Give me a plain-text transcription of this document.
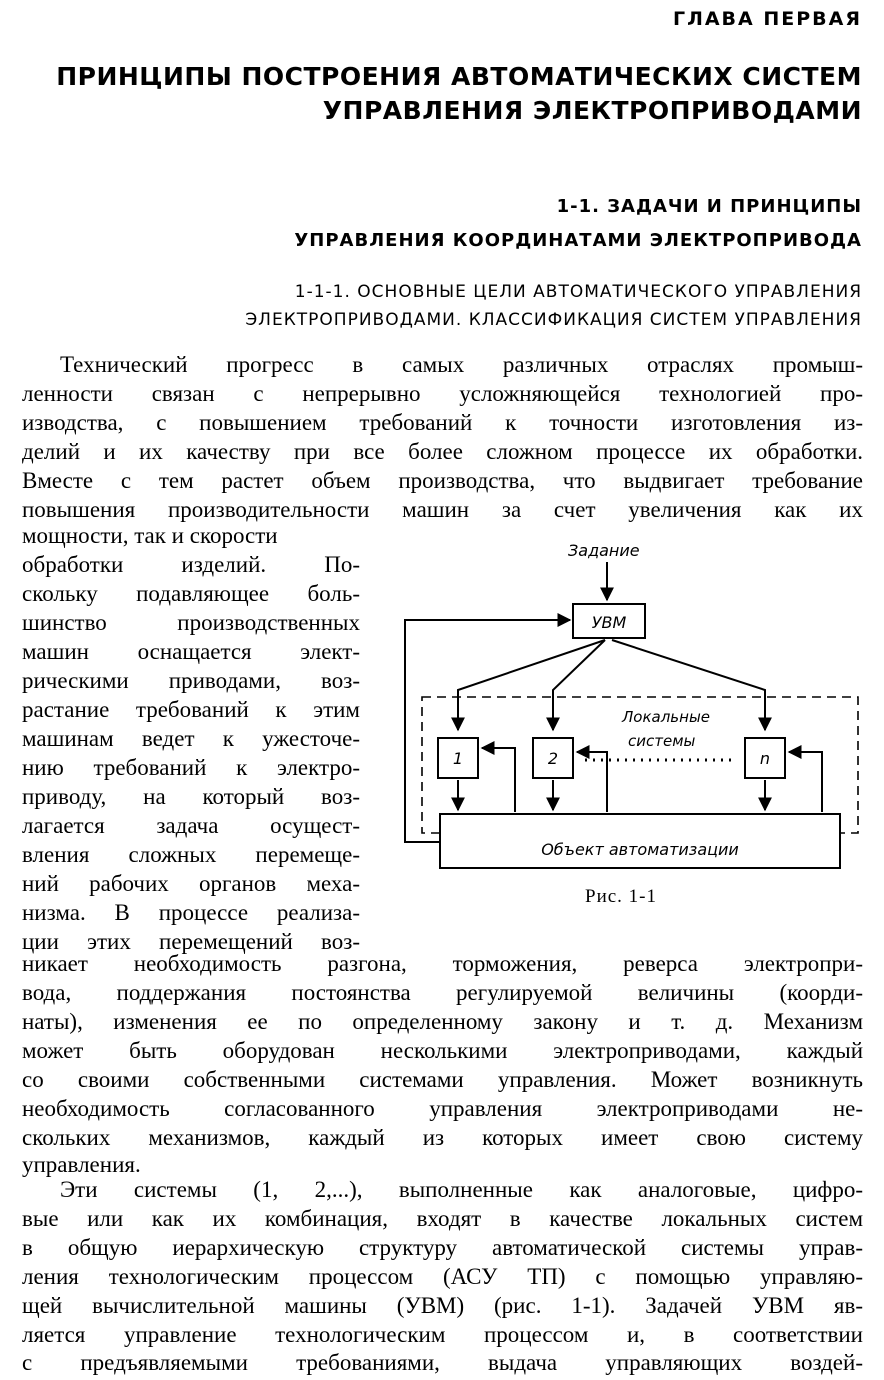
ГЛАВА ПЕРВАЯ
ПРИНЦИПЫ ПОСТРОЕНИЯ АВТОМАТИЧЕСКИХ СИСТЕМ
УПРАВЛЕНИЯ ЭЛЕКТРОПРИВОДАМИ
1-1. ЗАДАЧИ И ПРИНЦИПЫ
УПРАВЛЕНИЯ КООРДИНАТАМИ ЭЛЕКТРОПРИВОДА
1-1-1. ОСНОВНЫЕ ЦЕЛИ АВТОМАТИЧЕСКОГО УПРАВЛЕНИЯ
ЭЛЕКТРОПРИВОДАМИ. КЛАССИФИКАЦИЯ СИСТЕМ УПРАВЛЕНИЯ
Технический прогресс в самых различных отраслях промыш-
ленности связан с непрерывно усложняющейся технологией про-
изводства, с повышением требований к точности изготовления из-
делий и их качеству при все более сложном процессе их обработки.
Вместе с тем растет объем производства, что выдвигает требование
повышения производительности машин за счет увеличения как их
мощности, так и скорости
обработки изделий. По-
скольку подавляющее боль-
шинство производственных
машин оснащается элект-
рическими приводами, воз-
растание требований к этим
машинам ведет к ужесточе-
нию требований к электро-
приводу, на который воз-
лагается задача осущест-
вления сложных перемеще-
ний рабочих органов меха-
низма. В процессе реализа-
ции этих перемещений воз-
никает необходимость разгона, торможения, реверса электропри-
вода, поддержания постоянства регулируемой величины (коорди-
наты), изменения ее по определенному закону и т. д. Механизм
может быть оборудован несколькими электроприводами, каждый
со своими собственными системами управления. Может возникнуть
необходимость согласованного управления электроприводами не-
скольких механизмов, каждый из которых имеет свою систему
управления.
Эти системы (1, 2,...), выполненные как аналоговые, цифро-
вые или как их комбинация, входят в качестве локальных систем
в общую иерархическую структуру автоматической системы управ-
ления технологическим процессом (АСУ ТП) с помощью управляю-
щей вычислительной машины (УВМ) (рис. 1-1). Задачей УВМ яв-
ляется управление технологическим процессом и, в соответствии
с предъявляемыми требованиями, выдача управляющих воздей-
Задание
УВМ
Локальные
системы
1	2	n
Объект автоматизации
Рис. 1-1
